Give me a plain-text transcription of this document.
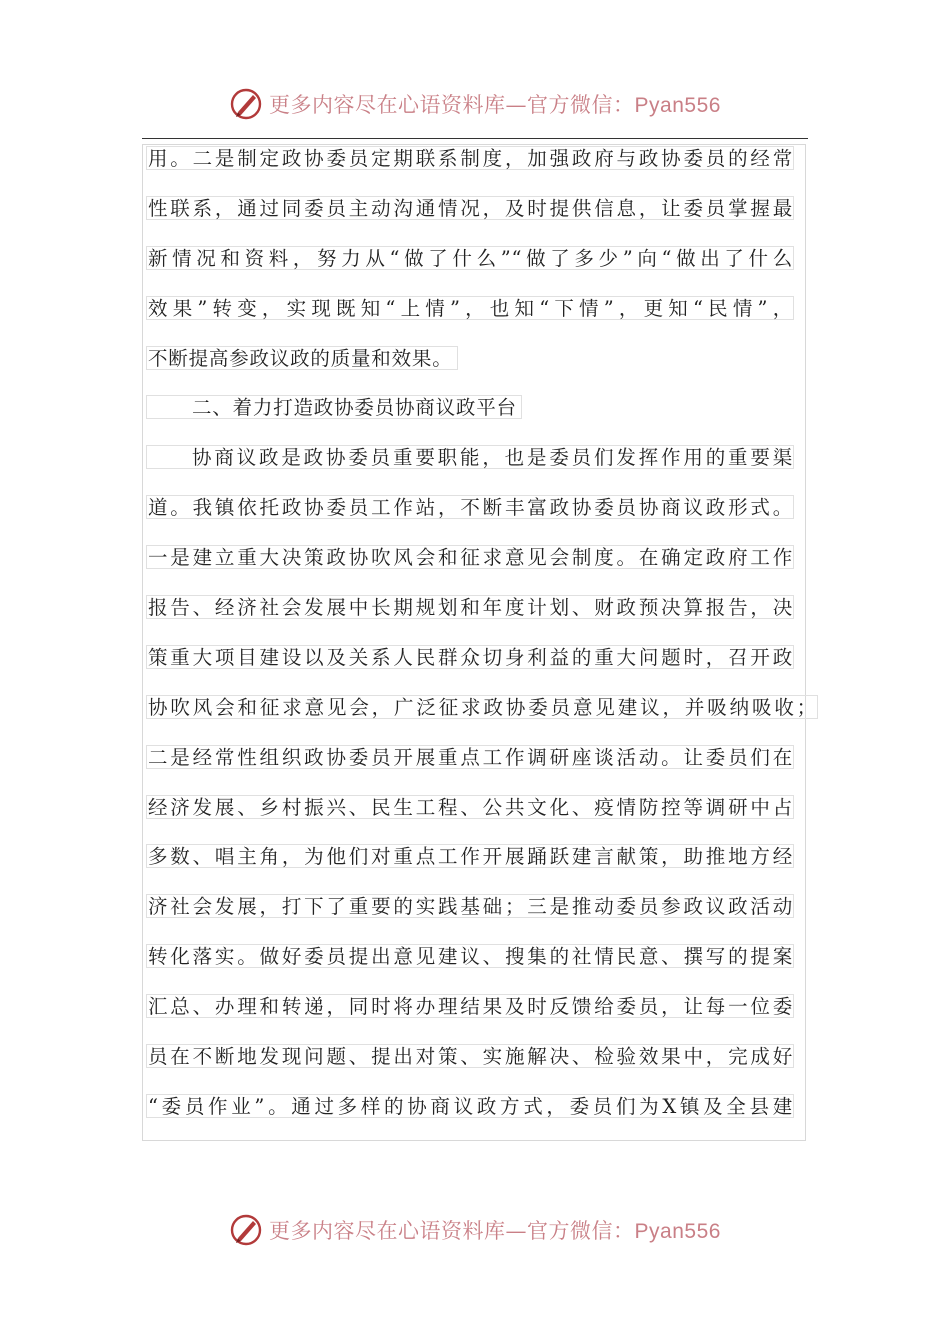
更多内容尽在心语资料库—官方微信：Pyan556
用。二是制定政协委员定期联系制度，加强政府与政协委员的经常
性联系，通过同委员主动沟通情况，及时提供信息，让委员掌握最
新情况和资料，努力从“做了什么”“做了多少”向“做出了什么
效果”转变，实现既知“上情”，也知“下情”，更知“民情”，
不断提高参政议政的质量和效果。
二、着力打造政协委员协商议政平台
协商议政是政协委员重要职能，也是委员们发挥作用的重要渠
道。我镇依托政协委员工作站，不断丰富政协委员协商议政形式。
一是建立重大决策政协吹风会和征求意见会制度。在确定政府工作
报告、经济社会发展中长期规划和年度计划、财政预决算报告，决
策重大项目建设以及关系人民群众切身利益的重大问题时，召开政
协吹风会和征求意见会，广泛征求政协委员意见建议，并吸纳吸收；
二是经常性组织政协委员开展重点工作调研座谈活动。让委员们在
经济发展、乡村振兴、民生工程、公共文化、疫情防控等调研中占
多数、唱主角，为他们对重点工作开展踊跃建言献策，助推地方经
济社会发展，打下了重要的实践基础；三是推动委员参政议政活动
转化落实。做好委员提出意见建议、搜集的社情民意、撰写的提案
汇总、办理和转递，同时将办理结果及时反馈给委员，让每一位委
员在不断地发现问题、提出对策、实施解决、检验效果中，完成好
“委员作业”。通过多样的协商议政方式，委员们为X镇及全县建
更多内容尽在心语资料库—官方微信：Pyan556
